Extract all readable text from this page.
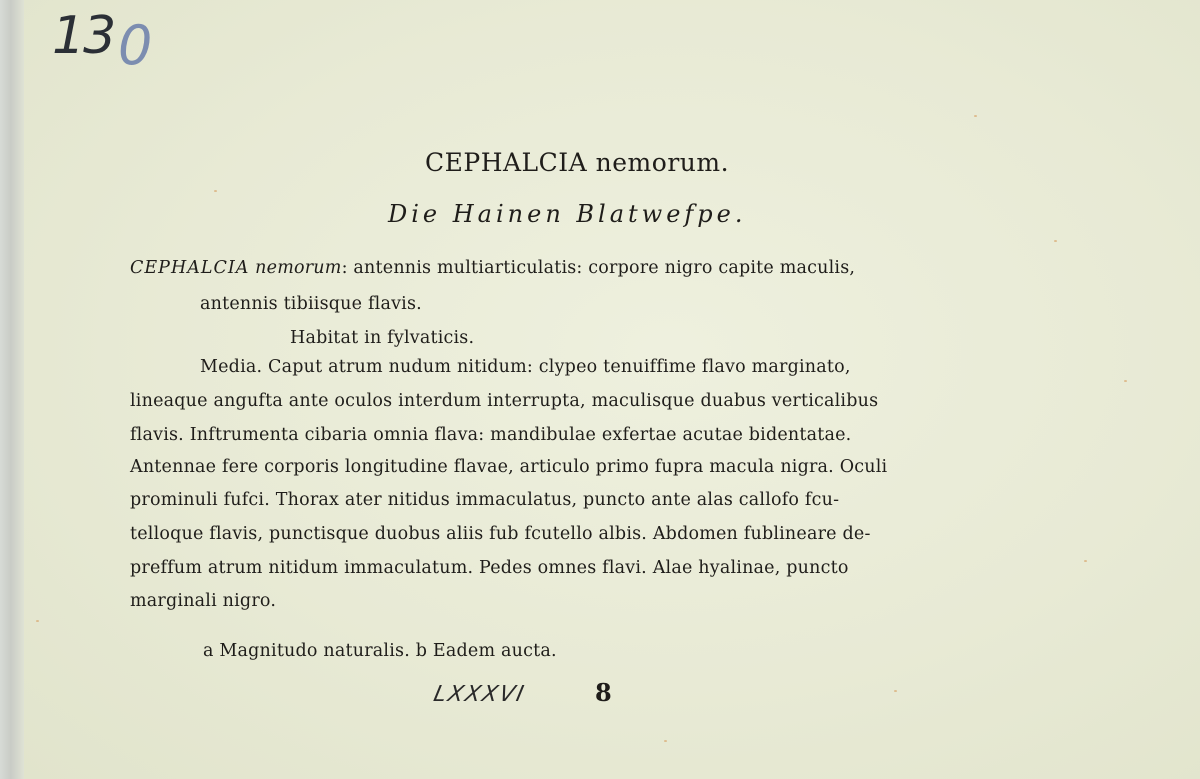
13 0
CEPHALCIA nemorum.
Die Hainen Blatwefpe.
CEPHALCIA nemorum: antennis multiarticulatis: corpore nigro capite maculis,
antennis tibiisque flavis.
Habitat in fylvaticis.
Media. Caput atrum nudum nitidum: clypeo tenuiffime flavo marginato,
lineaque angufta ante oculos interdum interrupta, maculisque duabus verticalibus
flavis. Inftrumenta cibaria omnia flava: mandibulae exfertae acutae bidentatae.
Antennae fere corporis longitudine flavae, articulo primo fupra macula nigra. Oculi
prominuli fufci. Thorax ater nitidus immaculatus, puncto ante alas callofo fcu-
telloque flavis, punctisque duobus aliis fub fcutello albis. Abdomen fublineare de-
preffum atrum nitidum immaculatum. Pedes omnes flavi. Alae hyalinae, puncto
marginali nigro.
a Magnitudo naturalis. b Eadem aucta.
LXXXVI	8
